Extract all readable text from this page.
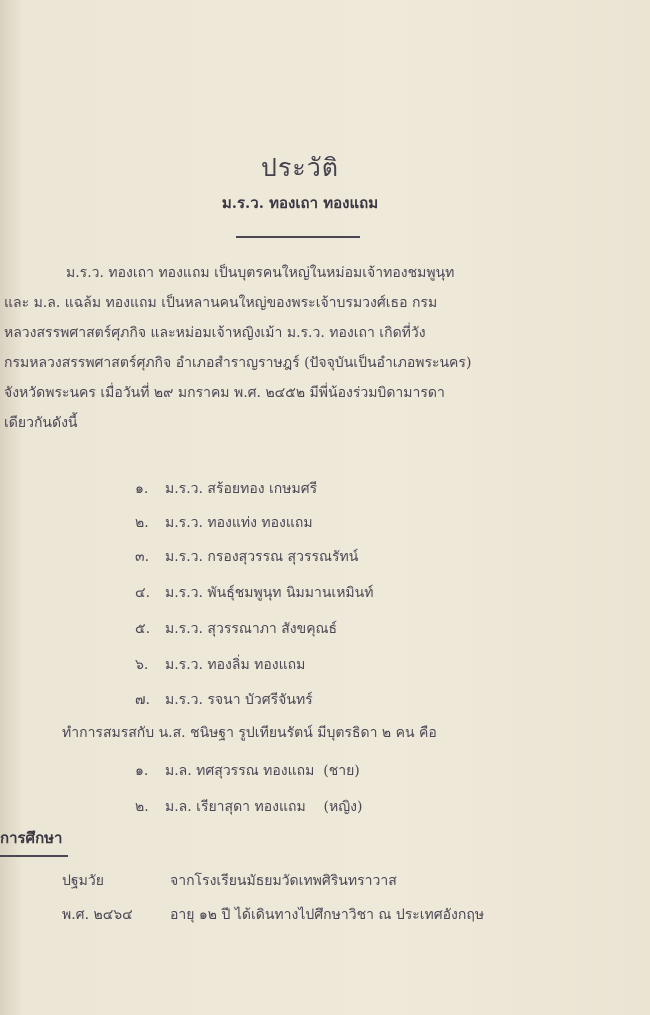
ประวัติ
ม.ร.ว. ทองเถา ทองแถม
ม.ร.ว. ทองเถา ทองแถม เป็นบุตรคนใหญ่ในหม่อมเจ้าทองชมพูนุท
และ ม.ล. แฉล้ม ทองแถม เป็นหลานคนใหญ่ของพระเจ้าบรมวงศ์เธอ กรม
หลวงสรรพศาสตร์ศุภกิจ และหม่อมเจ้าหญิงเม้า ม.ร.ว. ทองเถา เกิดที่วัง
กรมหลวงสรรพศาสตร์ศุภกิจ อำเภอสำราญราษฎร์ (ปัจจุบันเป็นอำเภอพระนคร)
จังหวัดพระนคร เมื่อวันที่ ๒๙ มกราคม พ.ศ. ๒๔๕๒ มีพี่น้องร่วมบิดามารดา
เดียวกันดังนี้
๑. ม.ร.ว. สร้อยทอง เกษมศรี
๒. ม.ร.ว. ทองแท่ง ทองแถม
๓. ม.ร.ว. กรองสุวรรณ สุวรรณรัทน์
๔. ม.ร.ว. พันธุ์ชมพูนุท นิมมานเหมินท์
๕. ม.ร.ว. สุวรรณาภา สังขคุณธ์
๖. ม.ร.ว. ทองลิ่ม ทองแถม
๗. ม.ร.ว. รจนา บัวศรีจันทร์
ทำการสมรสกับ น.ส. ชนิษฐา รูปเทียนรัตน์ มีบุตรธิดา ๒ คน คือ
๑. ม.ล. ทศสุวรรณ ทองแถม (ชาย)
๒. ม.ล. เรียาสุดา ทองแถม (หญิง)
การศึกษา
ปฐมวัย	จากโรงเรียนมัธยมวัดเทพศิรินทราวาส
พ.ศ. ๒๔๖๔	อายุ ๑๒ ปี ได้เดินทางไปศึกษาวิชา ณ ประเทศอังกฤษ
